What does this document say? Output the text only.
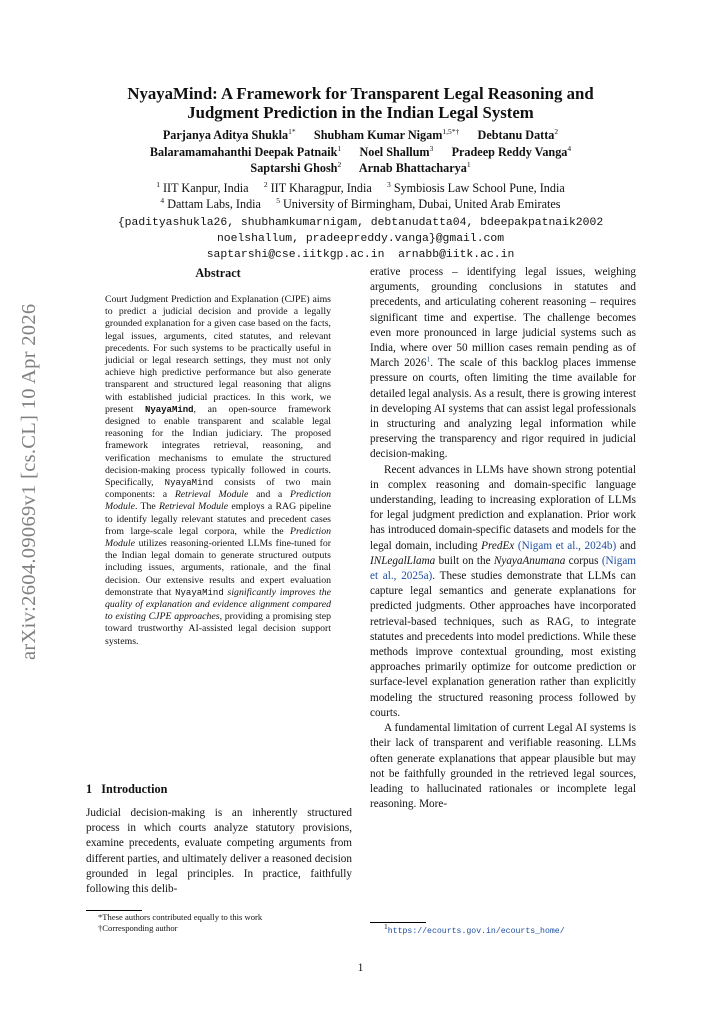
arXiv:2604.09069v1 [cs.CL] 10 Apr 2026
NyayaMind: A Framework for Transparent Legal Reasoning and
Judgment Prediction in the Indian Legal System
Parjanya Aditya Shukla$^{1*}$ Shubham Kumar Nigam$^{1,5*\dagger}$ Debtanu Datta$^2$
Balaramamahanthi Deepak Patnaik$^1$ Noel Shallum$^3$ Pradeep Reddy Vanga$^4$
Saptarshi Ghosh$^2$ Arnab Bhattacharya$^1$
$^1$ IIT Kanpur, India $^2$ IIT Kharagpur, India $^3$ Symbiosis Law School Pune, India
$^4$ Dattam Labs, India $^5$ University of Birmingham, Dubai, United Arab Emirates
{padityashukla26, shubhamkumarnigam, debtanudatta04, bdeepakpatnaik2002
noelshallum, pradeepreddy.vanga}@gmail.com
saptarshi@cse.iitkgp.ac.in  arnabb@iitk.ac.in
Abstract

Court Judgment Prediction and Explanation (CJPE) aims to predict a judicial decision and provide a legally grounded explanation for a given case based on the facts, legal issues, arguments, cited statutes, and relevant precedents. For such systems to be practically useful in judicial or legal research settings, they must not only achieve high predictive performance but also generate transparent and structured legal reasoning that aligns with established judicial practices. In this work, we present NyayaMind, an open-source framework designed to enable transparent and scalable legal reasoning for the Indian judiciary. The proposed framework integrates retrieval, reasoning, and verification mechanisms to emulate the structured decision-making process typically followed in courts. Specifically, NyayaMind consists of two main components: a Retrieval Module and a Prediction Module. The Retrieval Module employs a RAG pipeline to identify legally relevant statutes and precedent cases from large-scale legal corpora, while the Prediction Module utilizes reasoning-oriented LLMs fine-tuned for the Indian legal domain to generate structured outputs including issues, arguments, rationale, and the final decision. Our extensive results and expert evaluation demonstrate that NyayaMind significantly improves the quality of explanation and evidence alignment compared to existing CJPE approaches, providing a promising step toward trustworthy AI-assisted legal decision support systems.

1   Introduction

Judicial decision-making is an inherently structured process in which courts analyze statutory provisions, examine precedents, evaluate competing arguments from different parties, and ultimately deliver a reasoned decision grounded in legal principles. In practice, faithfully following this delib-

*These authors contributed equally to this work
†Corresponding author

erative process – identifying legal issues, weighing arguments, grounding conclusions in statutes and precedents, and articulating coherent reasoning – requires significant time and expertise. The challenge becomes even more pronounced in large judicial systems such as India, where over 50 million cases remain pending as of March 2026$^1$. The scale of this backlog places immense pressure on courts, often limiting the time available for detailed legal analysis. As a result, there is growing interest in developing AI systems that can assist legal professionals in structuring and analyzing legal information while preserving the transparency and rigor required in judicial decision-making.

Recent advances in LLMs have shown strong potential in complex reasoning and domain-specific language understanding, leading to increasing exploration of LLMs for legal judgment prediction and explanation. Prior work has introduced domain-specific datasets and models for the legal domain, including PredEx (Nigam et al., 2024b) and INLegalLlama built on the NyayaAnumana corpus (Nigam et al., 2025a). These studies demonstrate that LLMs can capture legal semantics and generate explanations for predicted judgments. Other approaches have incorporated retrieval-based techniques, such as RAG, to integrate statutes and precedents into model predictions. While these methods improve contextual grounding, most existing approaches primarily optimize for outcome prediction or surface-level explanation generation rather than explicitly modeling the structured reasoning process followed by courts.

A fundamental limitation of current Legal AI systems is their lack of transparent and verifiable reasoning. LLMs often generate explanations that appear plausible but may not be faithfully grounded in the retrieved legal sources, leading to hallucinated rationales or incomplete legal reasoning. More-

$^1$https://ecourts.gov.in/ecourts_home/
1
